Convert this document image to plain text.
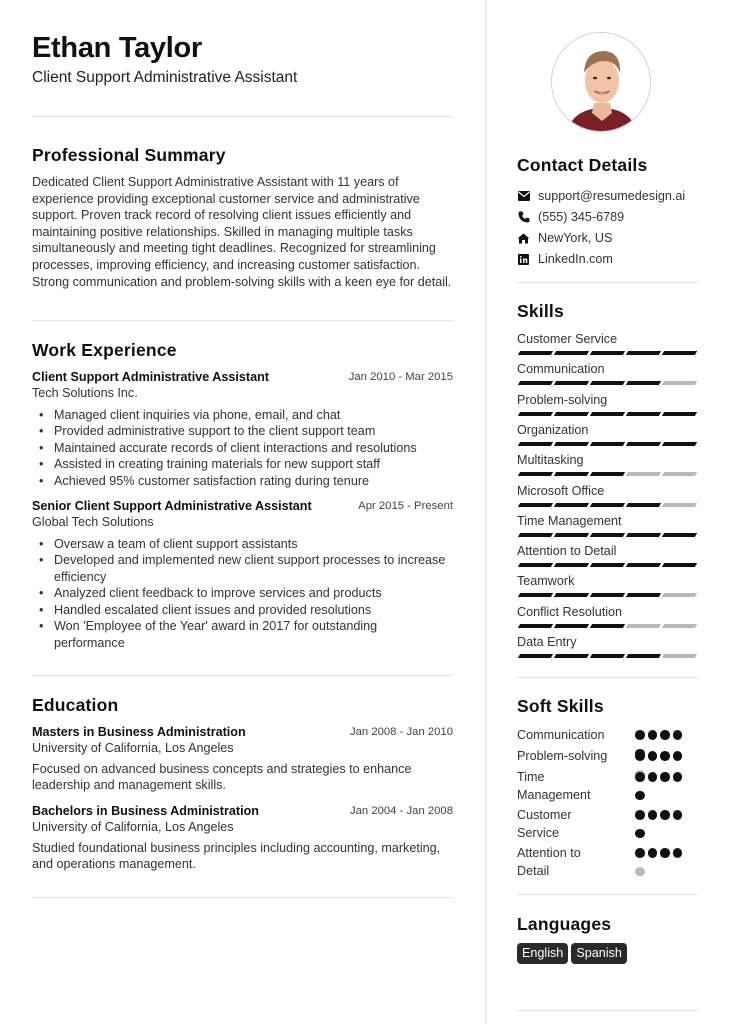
Ethan Taylor
Client Support Administrative Assistant
Professional Summary
Dedicated Client Support Administrative Assistant with 11 years of experience providing exceptional customer service and administrative support. Proven track record of resolving client issues efficiently and maintaining positive relationships. Skilled in managing multiple tasks simultaneously and meeting tight deadlines. Recognized for streamlining processes, improving efficiency, and increasing customer satisfaction. Strong communication and problem-solving skills with a keen eye for detail.
Work Experience
Client Support Administrative Assistant	Jan 2010 - Mar 2015
Tech Solutions Inc.
• Managed client inquiries via phone, email, and chat
• Provided administrative support to the client support team
• Maintained accurate records of client interactions and resolutions
• Assisted in creating training materials for new support staff
• Achieved 95% customer satisfaction rating during tenure
Senior Client Support Administrative Assistant	Apr 2015 - Present
Global Tech Solutions
• Oversaw a team of client support assistants
• Developed and implemented new client support processes to increase efficiency
• Analyzed client feedback to improve services and products
• Handled escalated client issues and provided resolutions
• Won 'Employee of the Year' award in 2017 for outstanding performance
Education
Masters in Business Administration	Jan 2008 - Jan 2010
University of California, Los Angeles
Focused on advanced business concepts and strategies to enhance leadership and management skills.
Bachelors in Business Administration	Jan 2004 - Jan 2008
University of California, Los Angeles
Studied foundational business principles including accounting, marketing, and operations management.
Contact Details
support@resumedesign.ai
(555) 345-6789
NewYork, US
LinkedIn.com
Skills
Customer Service
Communication
Problem-solving
Organization
Multitasking
Microsoft Office
Time Management
Attention to Detail
Teamwork
Conflict Resolution
Data Entry
Soft Skills
Communication
Problem-solving
Time Management
Customer Service
Attention to Detail
Languages
English	Spanish
